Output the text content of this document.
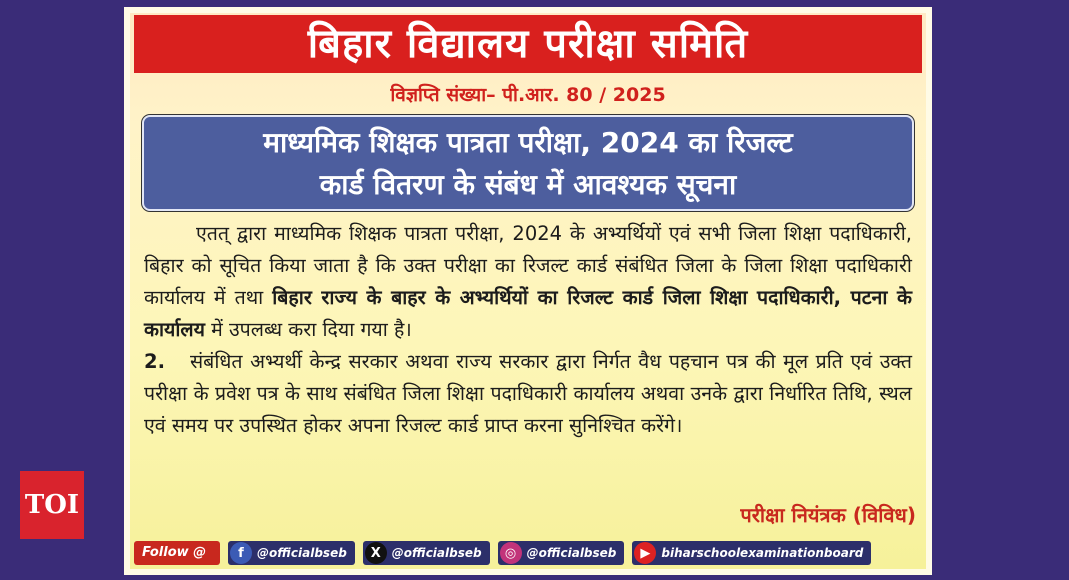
TOI
बिहार विद्यालय परीक्षा समिति
विज्ञप्ति संख्या– पी.आर. 80 / 2025
माध्यमिक शिक्षक पात्रता परीक्षा, 2024 का रिजल्ट
कार्ड वितरण के संबंध में आवश्यक सूचना

एतत् द्वारा माध्यमिक शिक्षक पात्रता परीक्षा, 2024 के अभ्यर्थियों एवं सभी जिला शिक्षा पदाधिकारी, बिहार को सूचित किया जाता है कि उक्त परीक्षा का रिजल्ट कार्ड संबंधित जिला के जिला शिक्षा पदाधिकारी कार्यालय में तथा बिहार राज्य के बाहर के अभ्यर्थियों का रिजल्ट कार्ड जिला शिक्षा पदाधिकारी, पटना के कार्यालय में उपलब्ध करा दिया गया है।

2. संबंधित अभ्यर्थी केन्द्र सरकार अथवा राज्य सरकार द्वारा निर्गत वैध पहचान पत्र की मूल प्रति एवं उक्त परीक्षा के प्रवेश पत्र के साथ संबंधित जिला शिक्षा पदाधिकारी कार्यालय अथवा उनके द्वारा निर्धारित तिथि, स्थल एवं समय पर उपस्थित होकर अपना रिजल्ट कार्ड प्राप्त करना सुनिश्चित करेंगे।

परीक्षा नियंत्रक (विविध)
Follow @	f	@officialbseb	X @officialbseb	◎ @officialbseb	▶ biharschoolexaminationboard
